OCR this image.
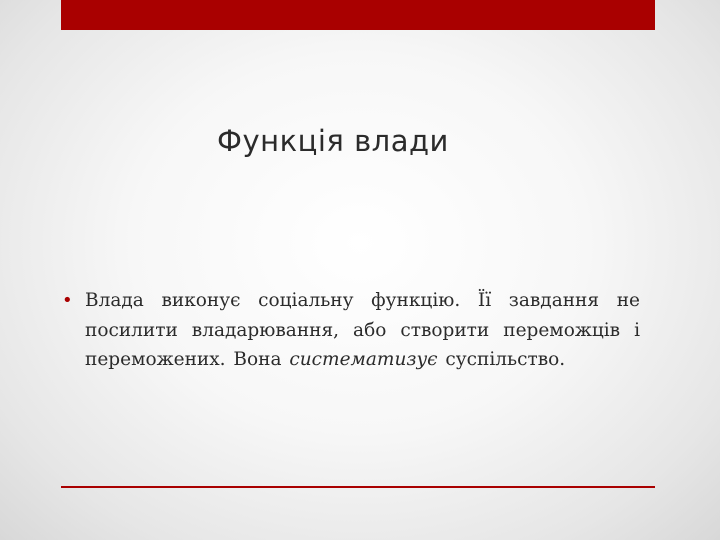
Функція влади
• Влада виконує соціальну функцію. Її завдання не посилити владарювання, або створити переможців і переможених. Вона систематизує суспільство.
